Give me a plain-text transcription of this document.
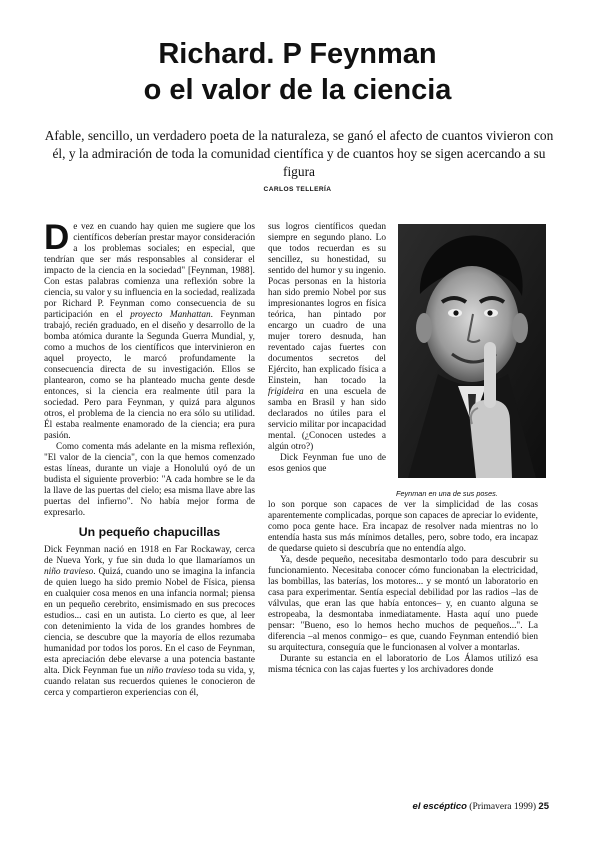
Richard. P Feynman
o el valor de la ciencia

Afable, sencillo, un verdadero poeta de la naturaleza, se ganó el afecto de cuantos vivieron con él, y la admiración de toda la comunidad científica y de cuantos hoy se sigen acercando a su figura

CARLOS TELLERÍA

De vez en cuando hay quien me sugiere que los científicos deberían prestar mayor consideración a los problemas sociales; en especial, que tendrían que ser más responsables al considerar el impacto de la ciencia en la sociedad" [Feynman, 1988]. Con estas palabras comienza una reflexión sobre la ciencia, su valor y su influencia en la sociedad, realizada por Richard P. Feynman como consecuencia de su participación en el proyecto Manhattan. Feynman trabajó, recién graduado, en el diseño y desarrollo de la bomba atómica durante la Segunda Guerra Mundial, y, como a muchos de los científicos que intervinieron en aquel proyecto, le marcó profundamente la consecuencia directa de su investigación. Ellos se plantearon, como se ha planteado mucha gente desde entonces, si la ciencia era realmente útil para la sociedad. Pero para Feynman, y quizá para algunos otros, el problema de la ciencia no era sólo su utilidad. Él estaba realmente enamorado de la ciencia; era pura pasión.

Como comenta más adelante en la misma reflexión, "El valor de la ciencia", con la que hemos comenzado estas líneas, durante un viaje a Honolulú oyó de un budista el siguiente proverbio: "A cada hombre se le da la llave de las puertas del cielo; esa misma llave abre las puertas del infierno". No había mejor forma de expresarlo.

Un pequeño chapucillas

Dick Feynman nació en 1918 en Far Rockaway, cerca de Nueva York, y fue sin duda lo que llamaríamos un niño travieso. Quizá, cuando uno se imagina la infancia de quien luego ha sido premio Nobel de Física, piensa en cualquier cosa menos en una infancia normal; piensa en un pequeño cerebrito, ensimismado en sus precoces estudios... casi en un autista. Lo cierto es que, al leer con detenimiento la vida de los grandes hombres de ciencia, se descubre que la mayoría de ellos rezumaba humanidad por todos los poros. En el caso de Feynman, esta apreciación debe elevarse a una potencia bastante alta. Dick Feynman fue un niño travieso toda su vida, y, cuando relatan sus recuerdos quienes le conocieron de cerca y compartieron experiencias con él,

sus logros científicos quedan siempre en segundo plano. Lo que todos recuerdan es su sencillez, su honestidad, su sentido del humor y su ingenio. Pocas personas en la historia han sido premio Nobel por sus impresionantes logros en física teórica, han pintado por encargo un cuadro de una mujer torero desnuda, han reventado cajas fuertes con documentos secretos del Ejército, han explicado física a Einstein, han tocado la frigideira en una escuela de samba en Brasil y han sido declarados no útiles para el servicio militar por incapacidad mental. (¿Conocen ustedes a algún otro?)

Dick Feynman fue uno de esos genios que

lo son porque son capaces de ver la simplicidad de las cosas aparentemente complicadas, porque son capaces de apreciar lo evidente, como poca gente hace. Era incapaz de resolver nada mientras no lo entendía hasta sus más mínimos detalles, pero, sobre todo, era incapaz de quedarse quieto si descubría que no entendía algo.

Ya, desde pequeño, necesitaba desmontarlo todo para descubrir su funcionamiento. Necesitaba conocer cómo funcionaban la electricidad, las bombillas, las baterías, los motores... y se montó un laboratorio en casa para experimentar. Sentía especial debilidad por las radios –las de válvulas, que eran las que había entonces– y, en cuanto alguna se estropeaba, la desmontaba inmediatamente. Hasta aquí uno puede pensar: "Bueno, eso lo hemos hecho muchos de pequeños...". La diferencia –al menos conmigo– es que, cuando Feynman entendió bien su arquitectura, conseguía que le funcionasen al volver a montarlas.

Durante su estancia en el laboratorio de Los Álamos utilizó esa misma técnica con las cajas fuertes y los archivadores donde

Feynman en una de sus poses.
el escéptico (Primavera 1999) 25
